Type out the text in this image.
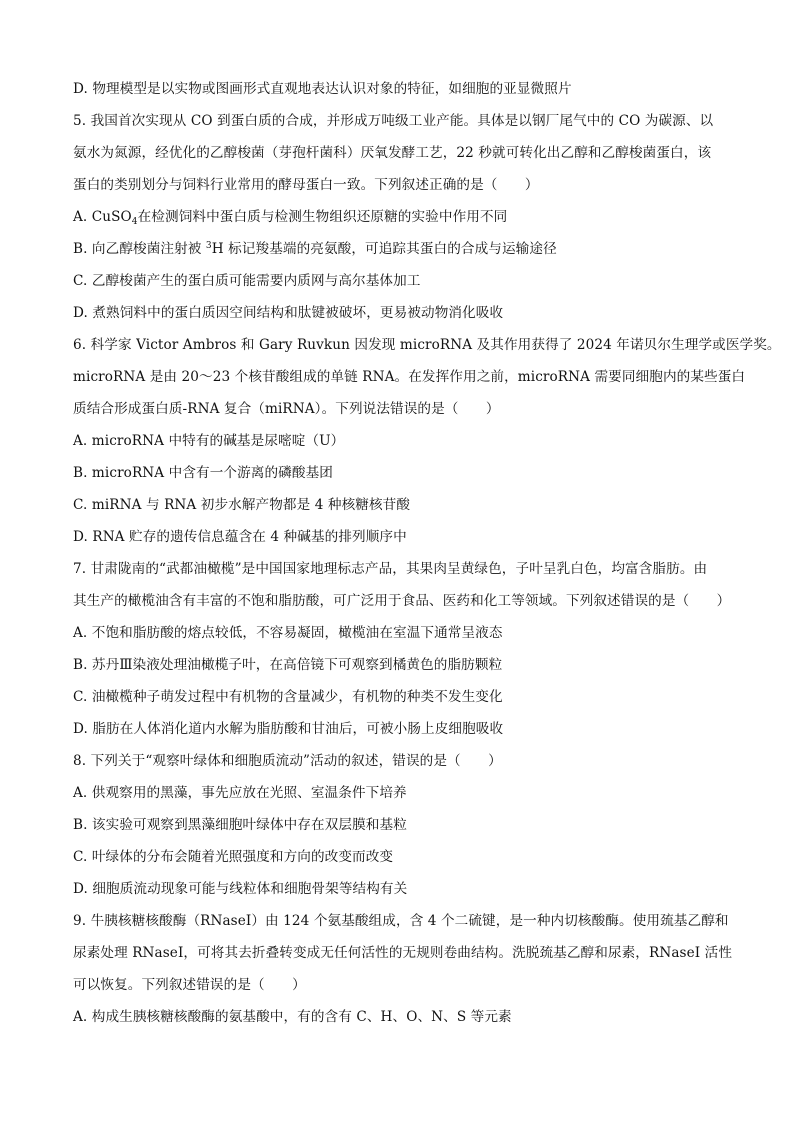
D. 物理模型是以实物或图画形式直观地表达认识对象的特征，如细胞的亚显微照片
5. 我国首次实现从 CO 到蛋白质的合成，并形成万吨级工业产能。具体是以钢厂尾气中的 CO 为碳源、以
氨水为氮源，经优化的乙醇梭菌（芽孢杆菌科）厌氧发酵工艺，22 秒就可转化出乙醇和乙醇梭菌蛋白，该
蛋白的类别划分与饲料行业常用的酵母蛋白一致。下列叙述正确的是（　　）
A. CuSO$_4$在检测饲料中蛋白质与检测生物组织还原糖的实验中作用不同
B. 向乙醇梭菌注射被 $^3$H 标记羧基端的亮氨酸，可追踪其蛋白的合成与运输途径
C. 乙醇梭菌产生的蛋白质可能需要内质网与高尔基体加工
D. 煮熟饲料中的蛋白质因空间结构和肽键被破坏，更易被动物消化吸收
6. 科学家 Victor Ambros 和 Gary Ruvkun 因发现 microRNA 及其作用获得了 2024 年诺贝尔生理学或医学奖。
microRNA 是由 20～23 个核苷酸组成的单链 RNA。在发挥作用之前，microRNA 需要同细胞内的某些蛋白
质结合形成蛋白质-RNA 复合（miRNA）。下列说法错误的是（　　）
A. microRNA 中特有的碱基是尿嘧啶（U）
B. microRNA 中含有一个游离的磷酸基团
C. miRNA 与 RNA 初步水解产物都是 4 种核糖核苷酸
D. RNA 贮存的遗传信息蕴含在 4 种碱基的排列顺序中
7. 甘肃陇南的“武都油橄榄”是中国国家地理标志产品，其果肉呈黄绿色，子叶呈乳白色，均富含脂肪。由
其生产的橄榄油含有丰富的不饱和脂肪酸，可广泛用于食品、医药和化工等领域。下列叙述错误的是（　　）
A. 不饱和脂肪酸的熔点较低，不容易凝固，橄榄油在室温下通常呈液态
B. 苏丹Ⅲ染液处理油橄榄子叶，在高倍镜下可观察到橘黄色的脂肪颗粒
C. 油橄榄种子萌发过程中有机物的含量减少，有机物的种类不发生变化
D. 脂肪在人体消化道内水解为脂肪酸和甘油后，可被小肠上皮细胞吸收
8. 下列关于“观察叶绿体和细胞质流动”活动的叙述，错误的是（　　）
A. 供观察用的黑藻，事先应放在光照、室温条件下培养
B. 该实验可观察到黑藻细胞叶绿体中存在双层膜和基粒
C. 叶绿体的分布会随着光照强度和方向的改变而改变
D. 细胞质流动现象可能与线粒体和细胞骨架等结构有关
9. 牛胰核糖核酸酶（RNaseI）由 124 个氨基酸组成，含 4 个二硫键，是一种内切核酸酶。使用巯基乙醇和
尿素处理 RNaseI，可将其去折叠转变成无任何活性的无规则卷曲结构。洗脱巯基乙醇和尿素，RNaseI 活性
可以恢复。下列叙述错误的是（　　）
A. 构成生胰核糖核酸酶的氨基酸中，有的含有 C、H、O、N、S 等元素
